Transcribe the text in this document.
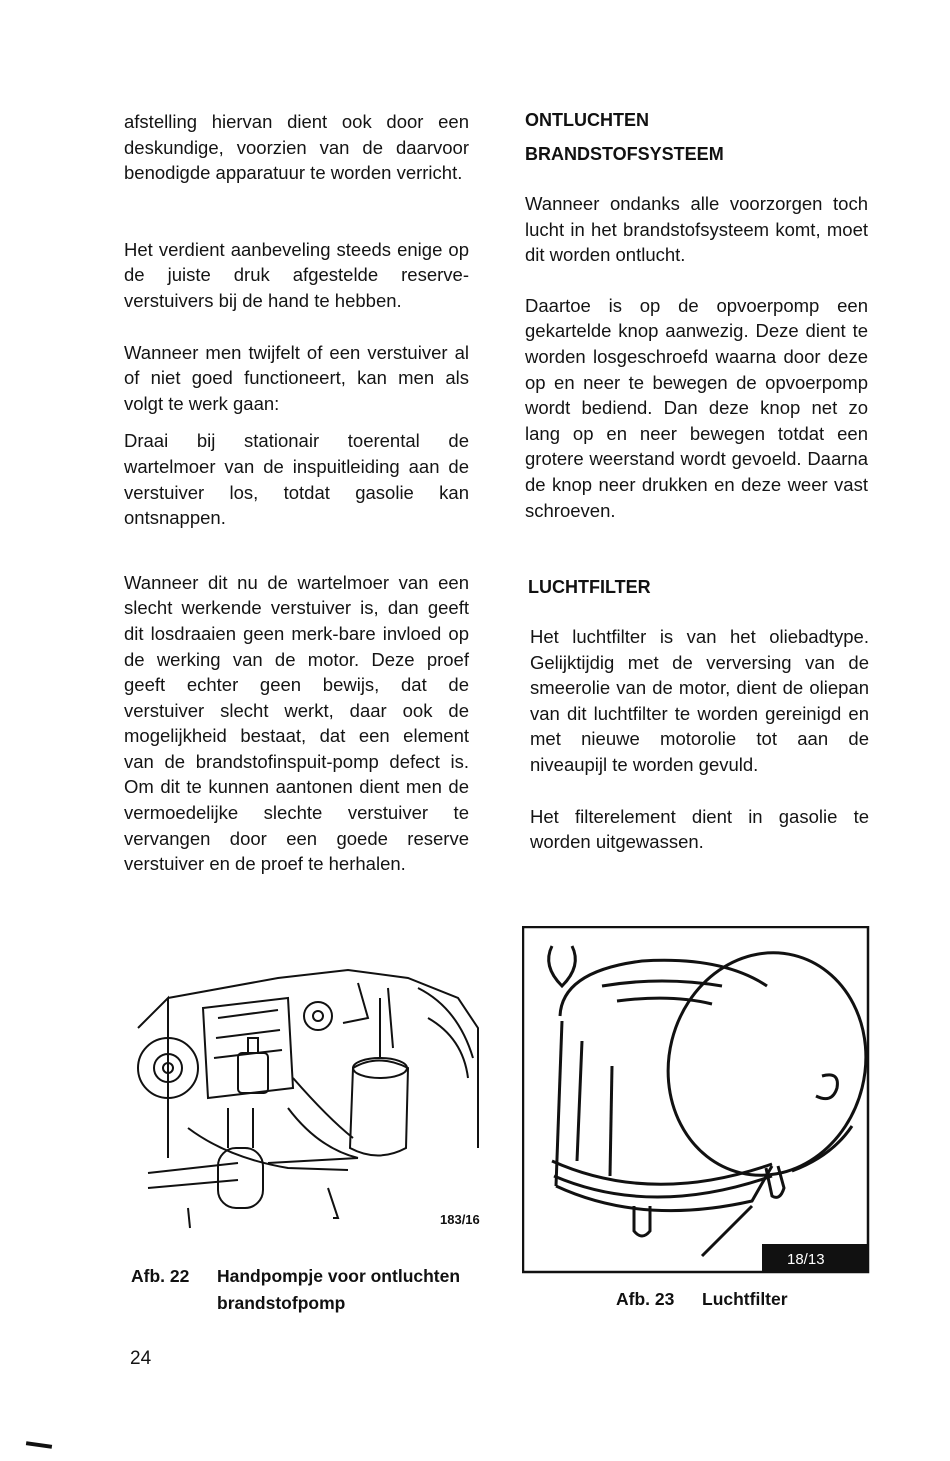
afstelling hiervan dient ook door een deskundige, voorzien van de daarvoor benodigde apparatuur te worden verricht.

Het verdient aanbeveling steeds enige op de juiste druk afgestelde reserve-verstuivers bij de hand te hebben.

Wanneer men twijfelt of een verstuiver al of niet goed functioneert, kan men als volgt te werk gaan:

Draai bij stationair toerental de wartelmoer van de inspuitleiding aan de verstuiver los, totdat gasolie kan ontsnappen.

Wanneer dit nu de wartelmoer van een slecht werkende verstuiver is, dan geeft dit losdraaien geen merk-bare invloed op de werking van de motor. Deze proef geeft echter geen bewijs, dat de verstuiver slecht werkt, daar ook de mogelijkheid bestaat, dat een element van de brandstofinspuit-pomp defect is. Om dit te kunnen aantonen dient men de vermoedelijke slechte verstuiver te vervangen door een goede reserve verstuiver en de proef te herhalen.

ONTLUCHTEN
BRANDSTOFSYSTEEM

Wanneer ondanks alle voorzorgen toch lucht in het brandstofsysteem komt, moet dit worden ontlucht.

Daartoe is op de opvoerpomp een gekartelde knop aanwezig. Deze dient te worden losgeschroefd waarna door deze op en neer te bewegen de opvoerpomp wordt bediend. Dan deze knop net zo lang op en neer bewegen totdat een grotere weerstand wordt gevoeld. Daarna de knop neer drukken en deze weer vast schroeven.

LUCHTFILTER

Het luchtfilter is van het oliebadtype. Gelijktijdig met de verversing van de smeerolie van de motor, dient de oliepan van dit luchtfilter te worden gereinigd en met nieuwe motorolie tot aan de niveaupijl te worden gevuld.

Het filterelement dient in gasolie te worden uitgewassen.

183/16
Afb. 22 Handpompje voor ontluchten
brandstofpomp
18/13
Afb. 23 Luchtfilter
24
